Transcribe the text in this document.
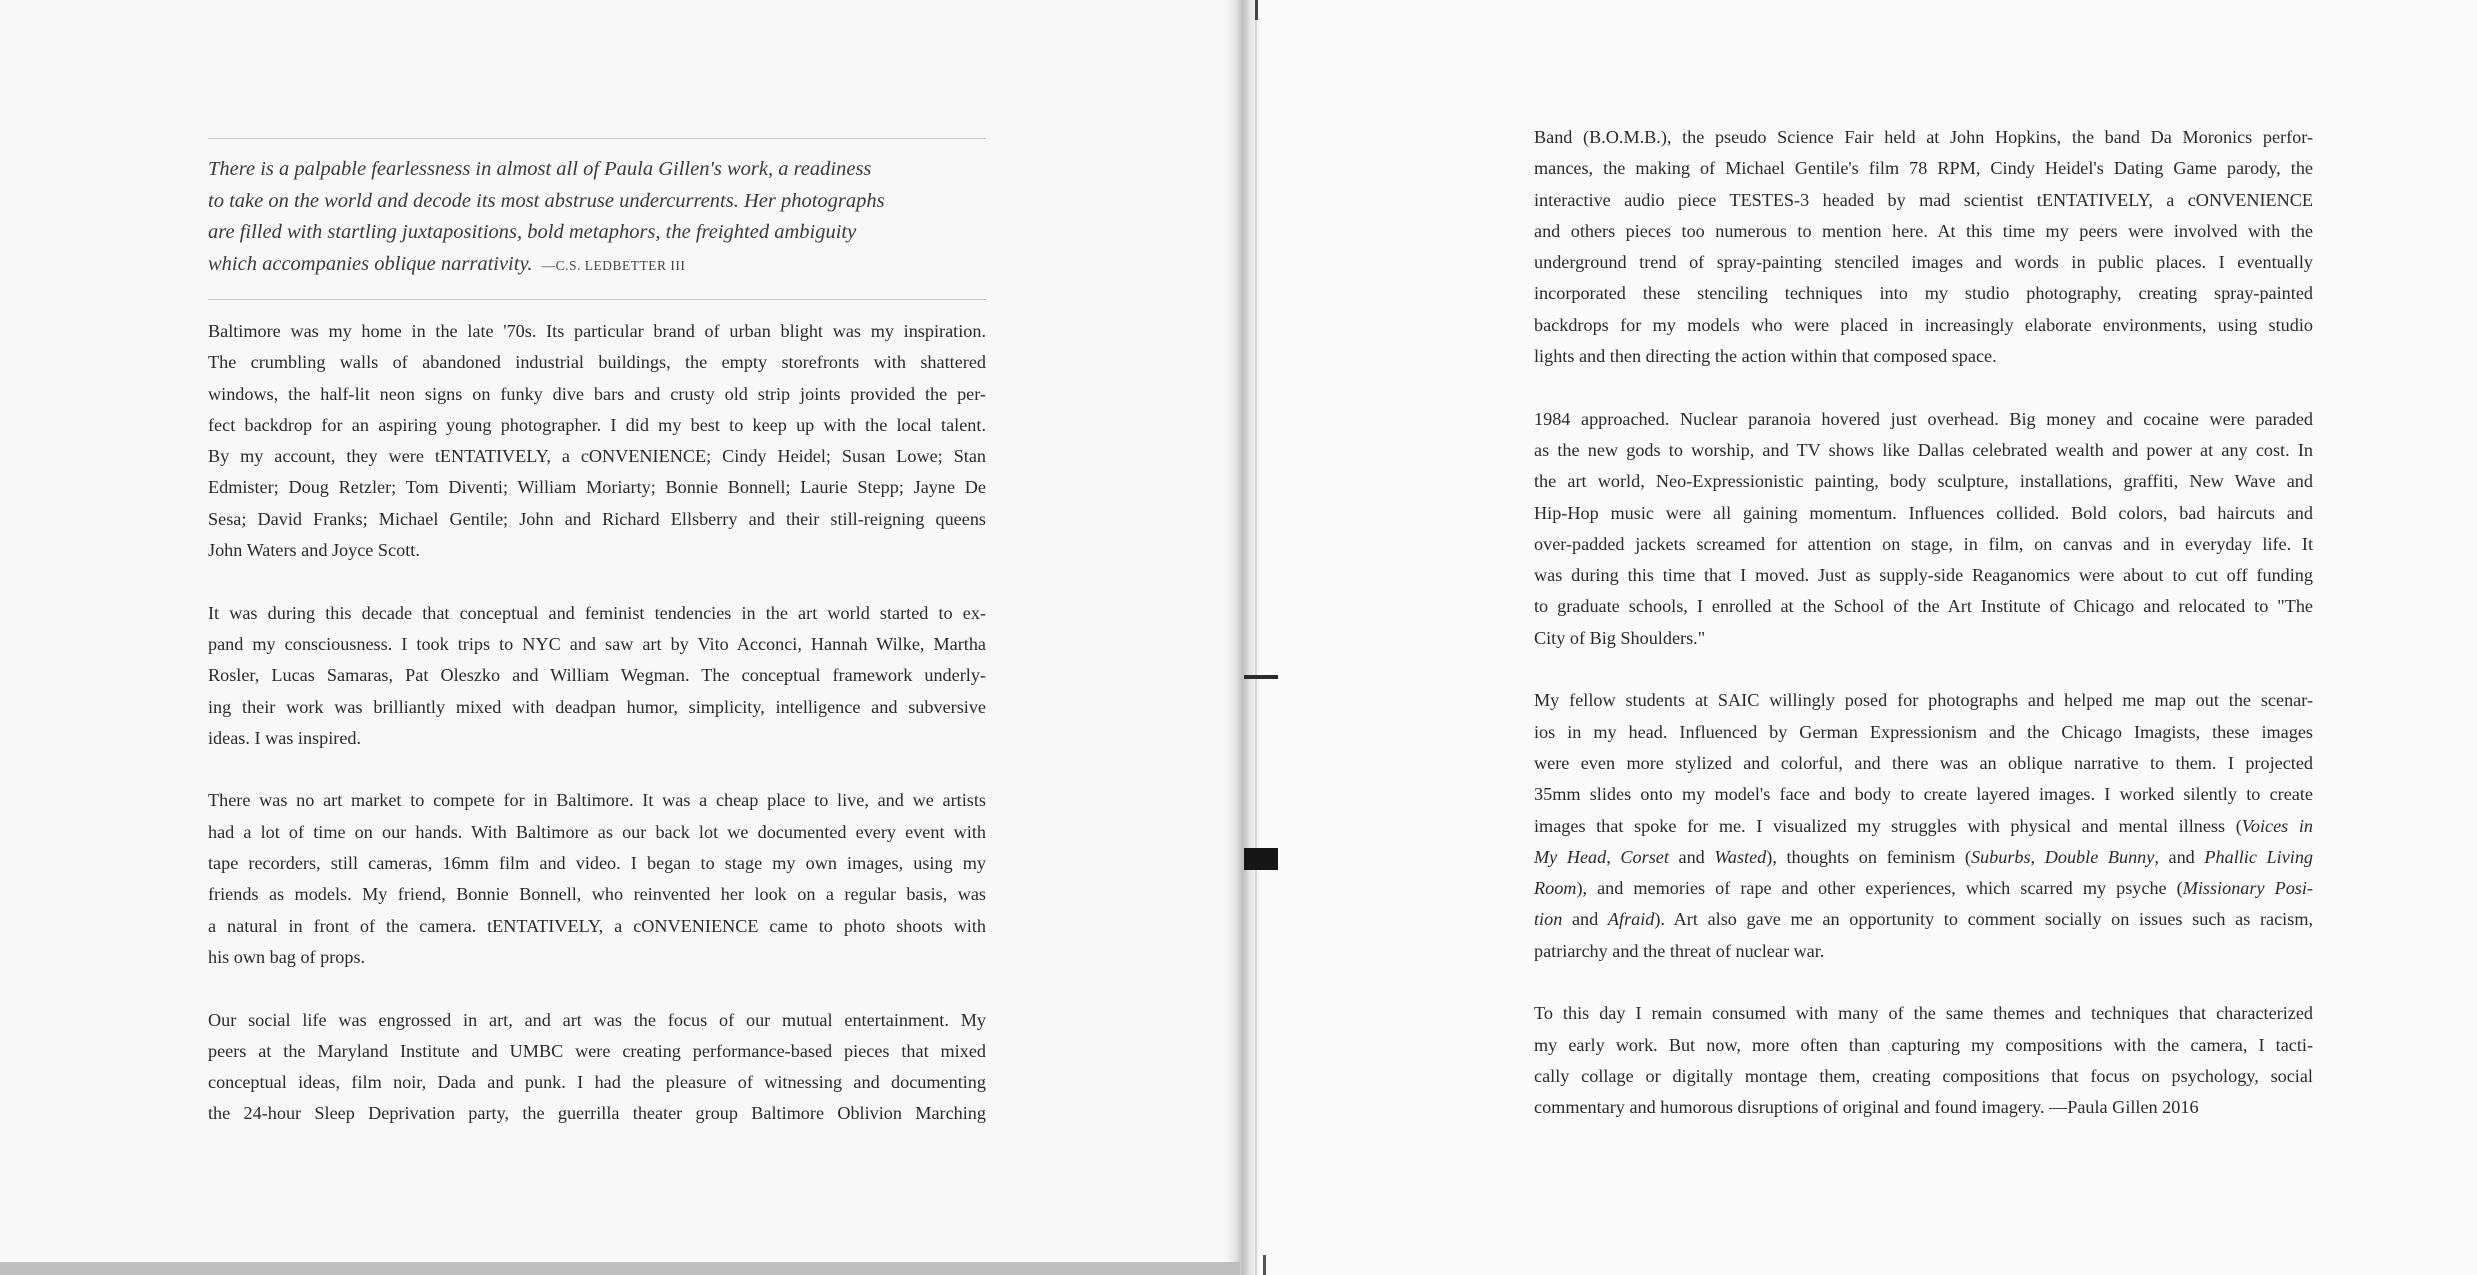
There is a palpable fearlessness in almost all of Paula Gillen's work, a readiness
to take on the world and decode its most abstruse undercurrents. Her photographs
are filled with startling juxtapositions, bold metaphors, the freighted ambiguity
which accompanies oblique narrativity. —C.S. LEDBETTER III
Baltimore was my home in the late '70s. Its particular brand of urban blight was my inspiration.
The crumbling walls of abandoned industrial buildings, the empty storefronts with shattered
windows, the half-lit neon signs on funky dive bars and crusty old strip joints provided the per-
fect backdrop for an aspiring young photographer. I did my best to keep up with the local talent.
By my account, they were tENTATIVELY, a cONVENIENCE; Cindy Heidel; Susan Lowe; Stan
Edmister; Doug Retzler; Tom Diventi; William Moriarty; Bonnie Bonnell; Laurie Stepp; Jayne De
Sesa; David Franks; Michael Gentile; John and Richard Ellsberry and their still-reigning queens
John Waters and Joyce Scott.
It was during this decade that conceptual and feminist tendencies in the art world started to ex-
pand my consciousness. I took trips to NYC and saw art by Vito Acconci, Hannah Wilke, Martha
Rosler, Lucas Samaras, Pat Oleszko and William Wegman. The conceptual framework underly-
ing their work was brilliantly mixed with deadpan humor, simplicity, intelligence and subversive
ideas. I was inspired.
There was no art market to compete for in Baltimore. It was a cheap place to live, and we artists
had a lot of time on our hands. With Baltimore as our back lot we documented every event with
tape recorders, still cameras, 16mm film and video. I began to stage my own images, using my
friends as models. My friend, Bonnie Bonnell, who reinvented her look on a regular basis, was
a natural in front of the camera. tENTATIVELY, a cONVENIENCE came to photo shoots with
his own bag of props.
Our social life was engrossed in art, and art was the focus of our mutual entertainment. My
peers at the Maryland Institute and UMBC were creating performance-based pieces that mixed
conceptual ideas, film noir, Dada and punk. I had the pleasure of witnessing and documenting
the 24-hour Sleep Deprivation party, the guerrilla theater group Baltimore Oblivion Marching
Band (B.O.M.B.), the pseudo Science Fair held at John Hopkins, the band Da Moronics perfor-
mances, the making of Michael Gentile's film 78 RPM, Cindy Heidel's Dating Game parody, the
interactive audio piece TESTES-3 headed by mad scientist tENTATIVELY, a cONVENIENCE
and others pieces too numerous to mention here. At this time my peers were involved with the
underground trend of spray-painting stenciled images and words in public places. I eventually
incorporated these stenciling techniques into my studio photography, creating spray-painted
backdrops for my models who were placed in increasingly elaborate environments, using studio
lights and then directing the action within that composed space.
1984 approached. Nuclear paranoia hovered just overhead. Big money and cocaine were paraded
as the new gods to worship, and TV shows like Dallas celebrated wealth and power at any cost. In
the art world, Neo-Expressionistic painting, body sculpture, installations, graffiti, New Wave and
Hip-Hop music were all gaining momentum. Influences collided. Bold colors, bad haircuts and
over-padded jackets screamed for attention on stage, in film, on canvas and in everyday life. It
was during this time that I moved. Just as supply-side Reaganomics were about to cut off funding
to graduate schools, I enrolled at the School of the Art Institute of Chicago and relocated to "The
City of Big Shoulders."
My fellow students at SAIC willingly posed for photographs and helped me map out the scenar-
ios in my head. Influenced by German Expressionism and the Chicago Imagists, these images
were even more stylized and colorful, and there was an oblique narrative to them. I projected
35mm slides onto my model's face and body to create layered images. I worked silently to create
images that spoke for me. I visualized my struggles with physical and mental illness (Voices in
My Head, Corset and Wasted), thoughts on feminism (Suburbs, Double Bunny, and Phallic Living
Room), and memories of rape and other experiences, which scarred my psyche (Missionary Posi-
tion and Afraid). Art also gave me an opportunity to comment socially on issues such as racism,
patriarchy and the threat of nuclear war.
To this day I remain consumed with many of the same themes and techniques that characterized
my early work. But now, more often than capturing my compositions with the camera, I tacti-
cally collage or digitally montage them, creating compositions that focus on psychology, social
commentary and humorous disruptions of original and found imagery. —Paula Gillen 2016
